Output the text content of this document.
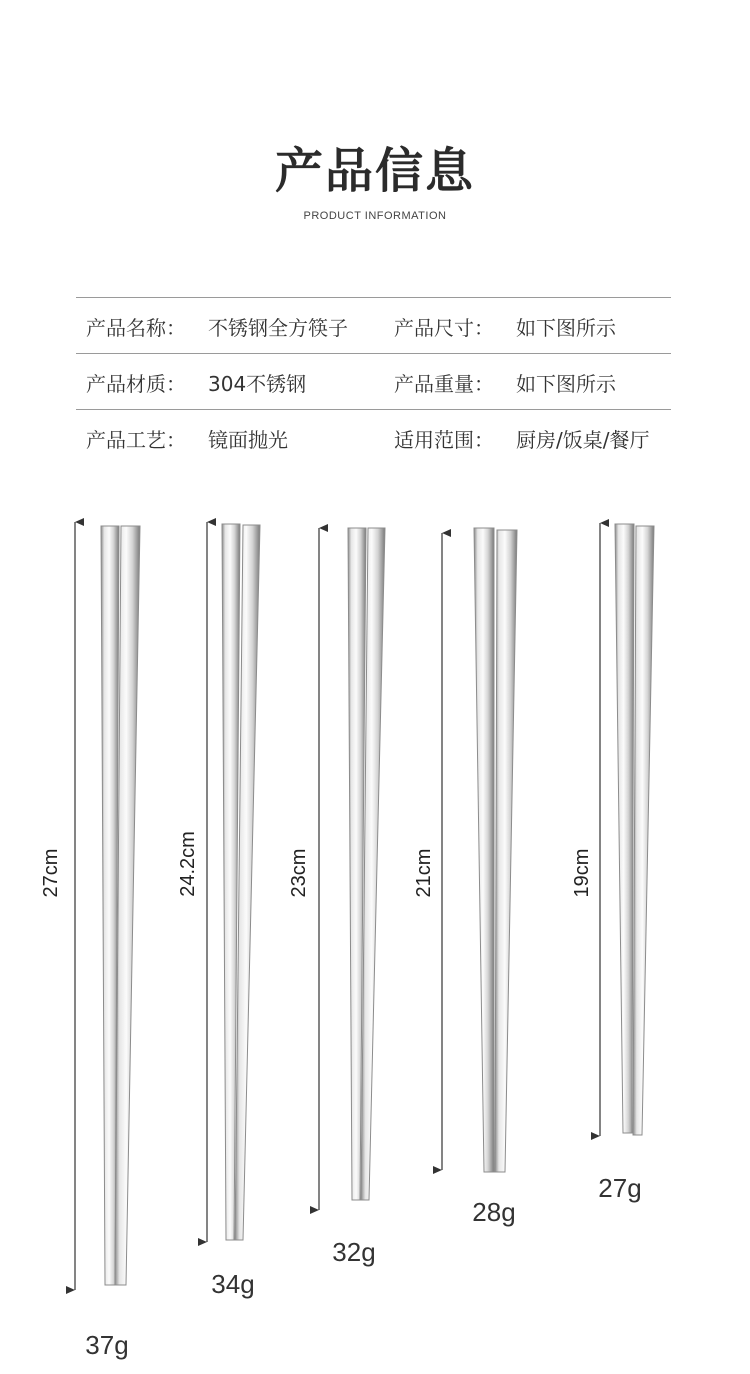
产品信息
PRODUCT INFORMATION
产品名称： 不锈钢全方筷子 产品尺寸： 如下图所示
产品材质： 304不锈钢	产品重量： 如下图所示
产品工艺： 镜面抛光	适用范围： 厨房/饭桌/餐厅
27cm
37g
24.2cm
34g
23cm
32g
21cm
28g
19cm
27g
